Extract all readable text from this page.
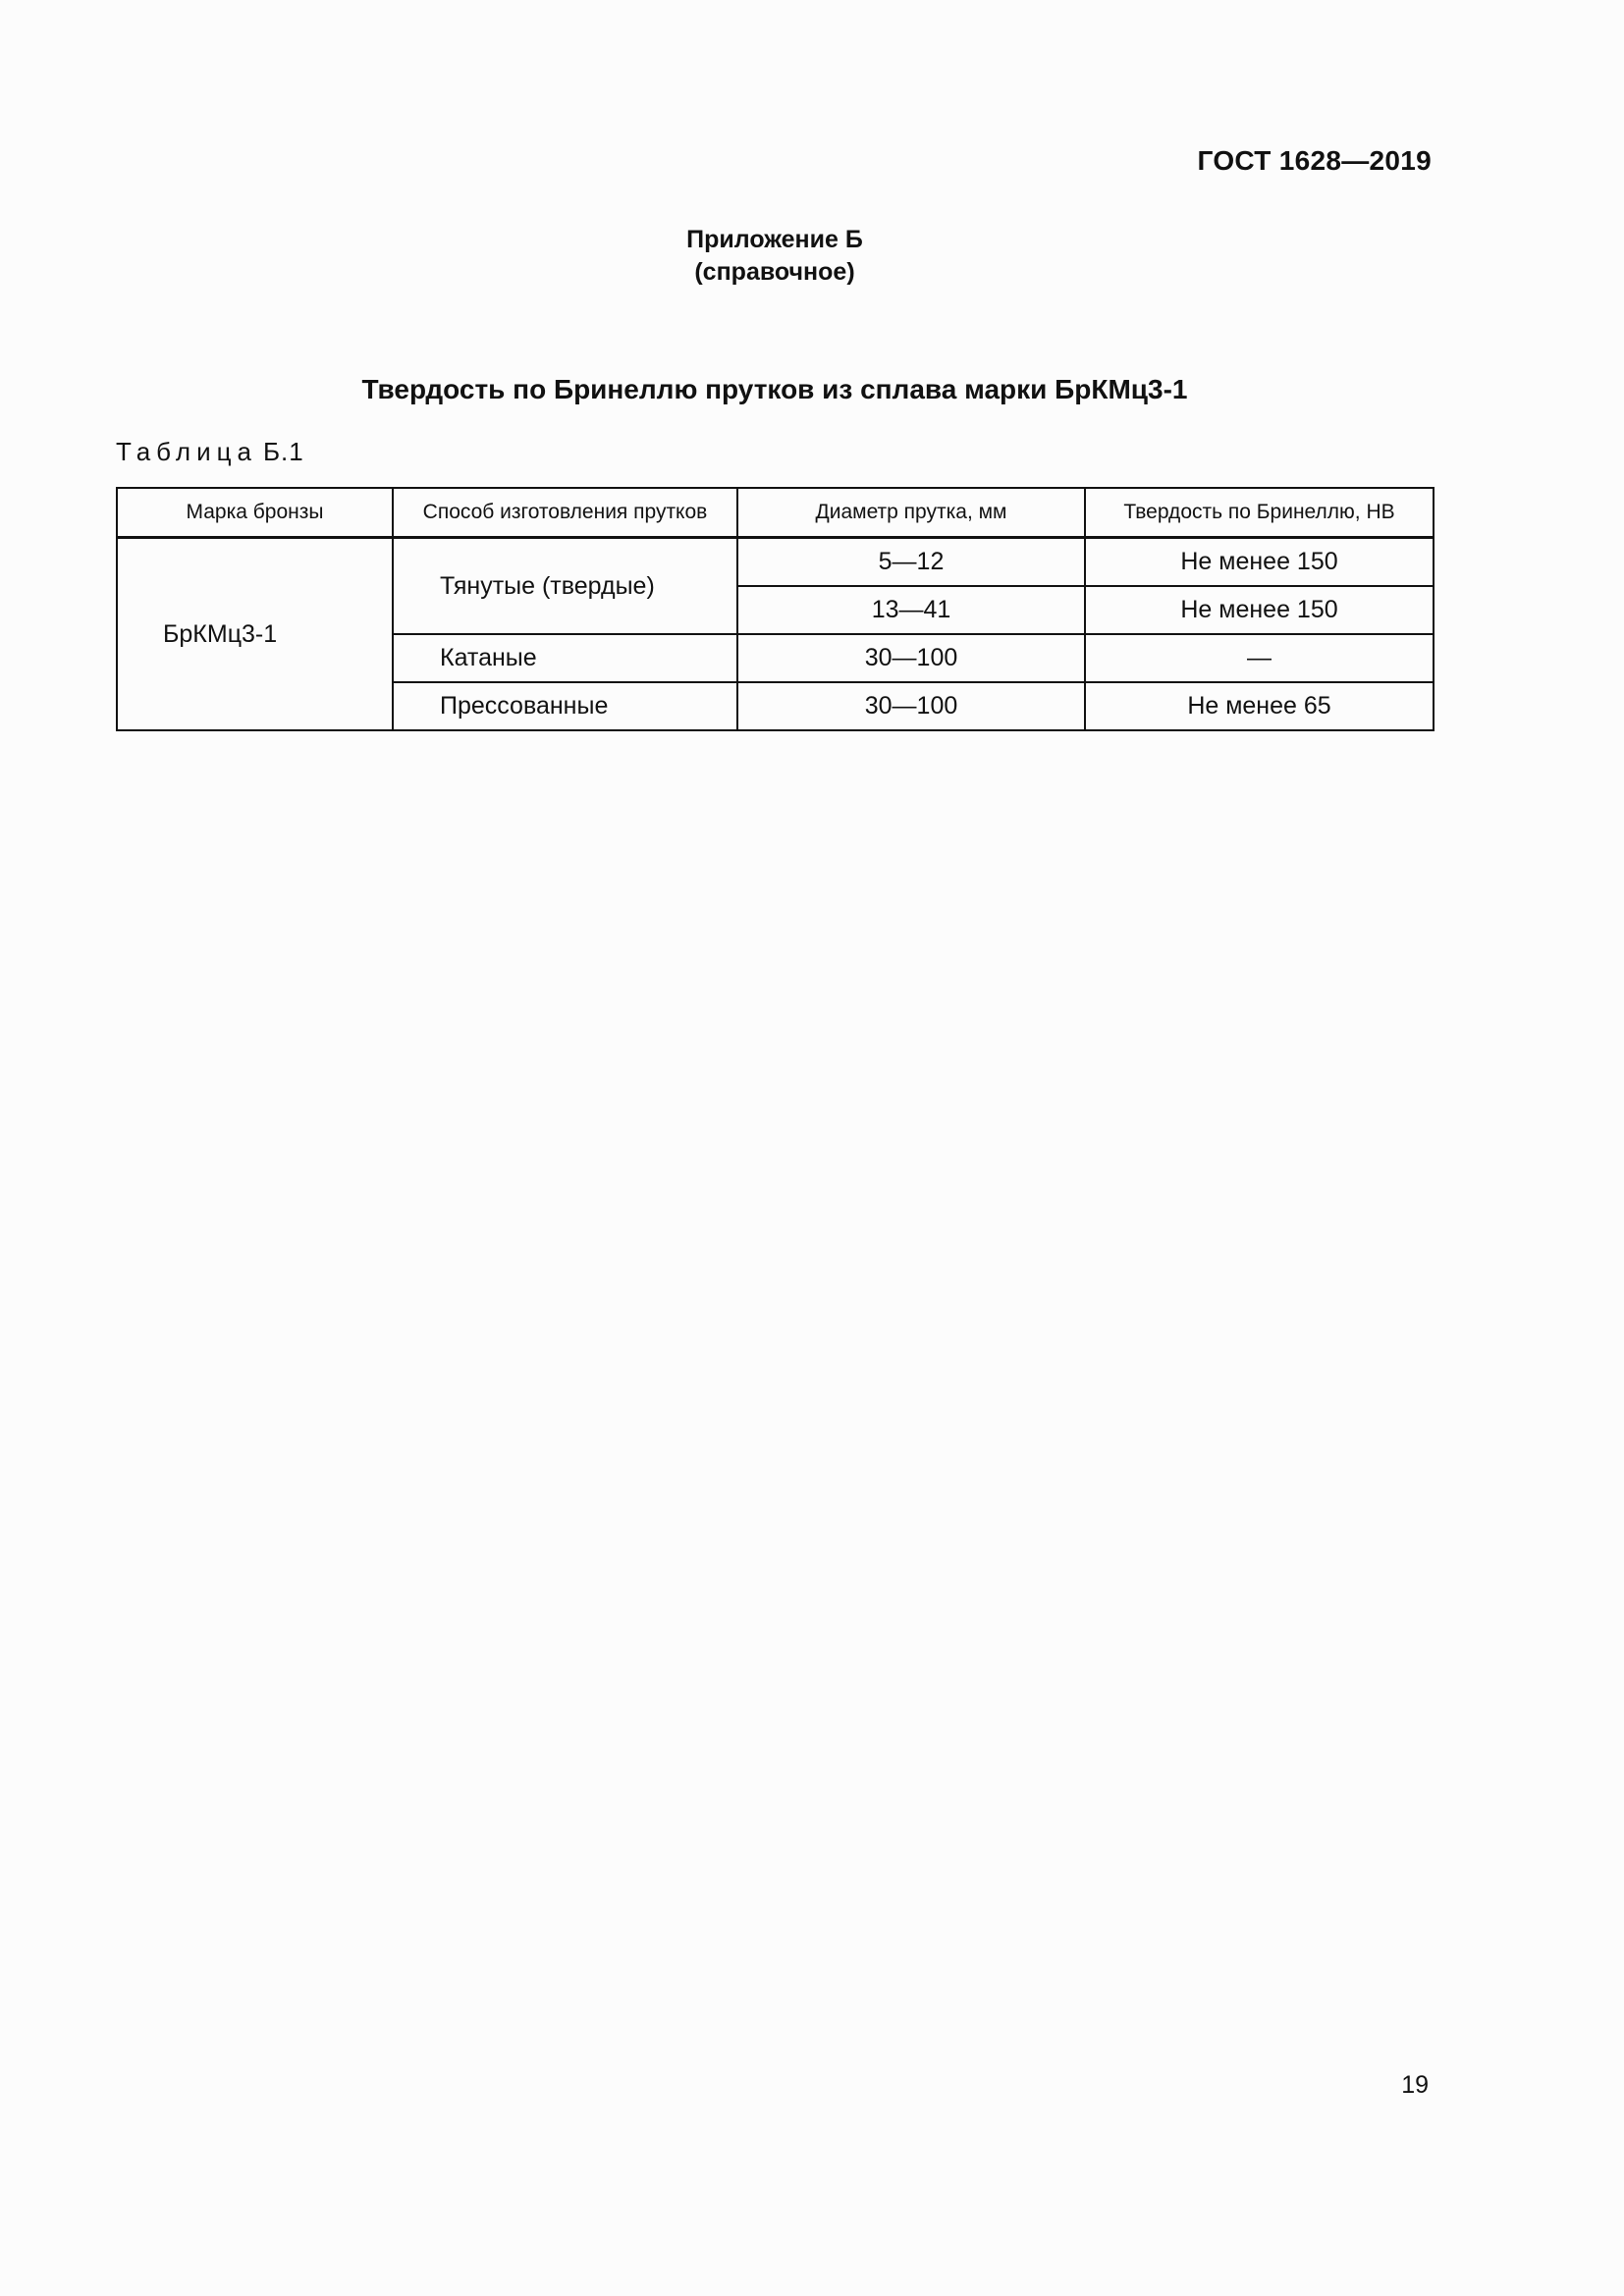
ГОСТ 1628—2019
Приложение Б
(справочное)
Твердость по Бринеллю прутков из сплава марки БрКМц3-1
Таблица Б.1
Марка бронзы	Способ изготовления прутков	Диаметр прутка, мм	Твердость по Бринеллю, НВ
БрКМц3-1	Тянутые (твердые)	5—12	Не менее 150
		13—41	Не менее 150
	Катаные	30—100	—
	Прессованные	30—100	Не менее 65
19
